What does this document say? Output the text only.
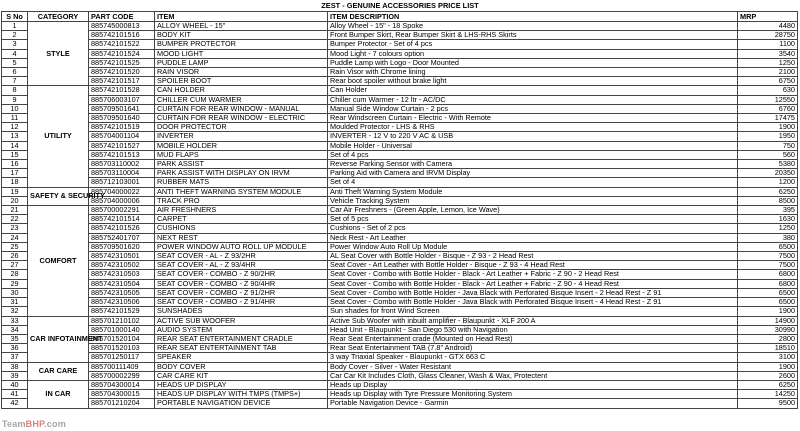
ZEST - GENUINE ACCESSORIES PRICE LIST
S No	CATEGORY	PART CODE	ITEM	ITEM DESCRIPTION	MRP
1	STYLE	885745000813	ALLOY WHEEL - 15"	Alloy Wheel - 15" - 18 Spoke	4480
2		885742101516	BODY KIT	Front Bumper Skirt, Rear Bumper Skirt & LHS-RHS Skirts	28750
3		885742101522	BUMPER PROTECTOR	Bumper Protector - Set of 4 pcs	1100
4		885742101524	MOOD LIGHT	Mood Light - 7 colours option	3540
5		885742101525	PUDDLE LAMP	Puddle Lamp with Logo - Door Mounted	1250
6		885742101520	RAIN VISOR	Rain Visor with Chrome lining	2100
7		885742101517	SPOILER BOOT	Rear boot spoiler without brake light	6750
8	UTILITY	885742101528	CAN HOLDER	Can Holder	630
9		885706003107	CHILLER CUM WARMER	Chiller cum Warmer - 12 ltr - AC/DC	12550
10		885709501641	CURTAIN FOR REAR WINDOW - MANUAL	Manual Side Window Curtain - 2 pcs	6760
11		885709501640	CURTAIN FOR REAR WINDOW - ELECTRIC	Rear Windscreen Curtain - Electric - With Remote	17475
12		885742101519	DOOR PROTECTOR	Moulded Protector - LHS & RHS	1900
13		885704001104	INVERTER	INVERTER - 12 V to 220 V AC & USB	1950
14		885742101527	MOBILE HOLDER	Mobile Holder - Universal	750
15		885742101513	MUD FLAPS	Set of 4 pcs	560
16		885703110002	PARK ASSIST	Reverse Parking Sensor with Camera	5380
17		885703110004	PARK ASSIST WITH DISPLAY ON IRVM	Parking Aid with Camera and IRVM Display	20350
18		885712103001	RUBBER MATS	Set of 4	1200
19	SAFETY & SECURITY	885704000022	ANTI THEFT WARNING SYSTEM MODULE	Anti Theft Warning System Module	6250
20		885704000006	TRACK PRO	Vehicle Tracking System	8500
21	COMFORT	885700002291	AIR FRESHNERS	Car Air Freshners - (Green Apple, Lemon, Ice Wave)	395
22		885742101514	CARPET	Set of 5 pcs	1630
23		885742101526	CUSHIONS	Cushions - Set of 2 pcs	1250
24		885752401707	NEXT REST	Neck Rest - Art Leather	380
25		885709501620	POWER WINDOW AUTO ROLL UP MODULE	Power Window Auto Roll Up Module	6500
26		885742310501	SEAT COVER - AL - Z 93/2HR	AL Seat Cover with Bottle Holder - Bisque - Z 93 - 2 Head Rest	7500
27		885742310502	SEAT COVER - AL - Z 93/4HR	Seat Cover - Art Leather with Bottle Holder - Bisque - Z 93 - 4 Head Rest	7500
28		885742310503	SEAT COVER - COMBO - Z 90/2HR	Seat Cover - Combo with Bottle Holder - Black - Art Leather + Fabric - Z 90 - 2 Head Rest	6800
29		885742310504	SEAT COVER - COMBO - Z 90/4HR	Seat Cover - Combo with Bottle Holder - Black - Art Leather + Fabric - Z 90 - 4 Head Rest	6800
30		885742310505	SEAT COVER - COMBO - Z 91/2HR	Seat Cover - Combo with Bottle Holder - Java Black with Perforated Bisque Insert - 2 Head Rest - Z 91	6500
31		885742310506	SEAT COVER - COMBO - Z 91/4HR	Seat Cover - Combo with Bottle Holder - Java Black with Perforated Bisque Insert - 4 Head Rest - Z 91	6500
32		885742101529	SUNSHADES	Sun shades for front Wind Screen	1900
33	CAR INFOTAINMENT	885701210102	ACTIVE SUB WOOFER	Active Sub Woofer with inbuilt amplifier - Blaupunkt - XLF 200 A	14900
34		885701000140	AUDIO SYSTEM	Head Unit - Blaupunkt - San Diego 530 with Navigation	30990
35		885701520104	REAR SEAT ENTERTAINMENT CRADLE	Rear Seat Entertainment crade (Mounted on Head Rest)	2800
36		885701520103	REAR SEAT ENTERTAINMENT TAB	Rear Seat Entertainment TAB (7.8" Android)	18510
37		885701250117	SPEAKER	3 way Triaxial Speaker - Blaupunkt - GTX 663 C	3100
38	CAR CARE	885700111409	BODY COVER	Body Cover - Silver - Water Resistant	1900
39		885700002299	CAR CARE KIT	Car Car Kit Includes Cloth, Glass Cleaner, Wash & Wax, Protectent	2600
40	IN CAR	885704300014	HEADS UP DISPLAY	Heads up Display	6250
41		885704300015	HEADS UP DISPLAY WITH TMPS (TMPS+)	Heads up Display with Tyre Pressure Monitoring System	14250
42		885701210204	PORTABLE NAVIGATION DEVICE	Portable Navigation Device - Garmin	9500
TeamBHP.com
